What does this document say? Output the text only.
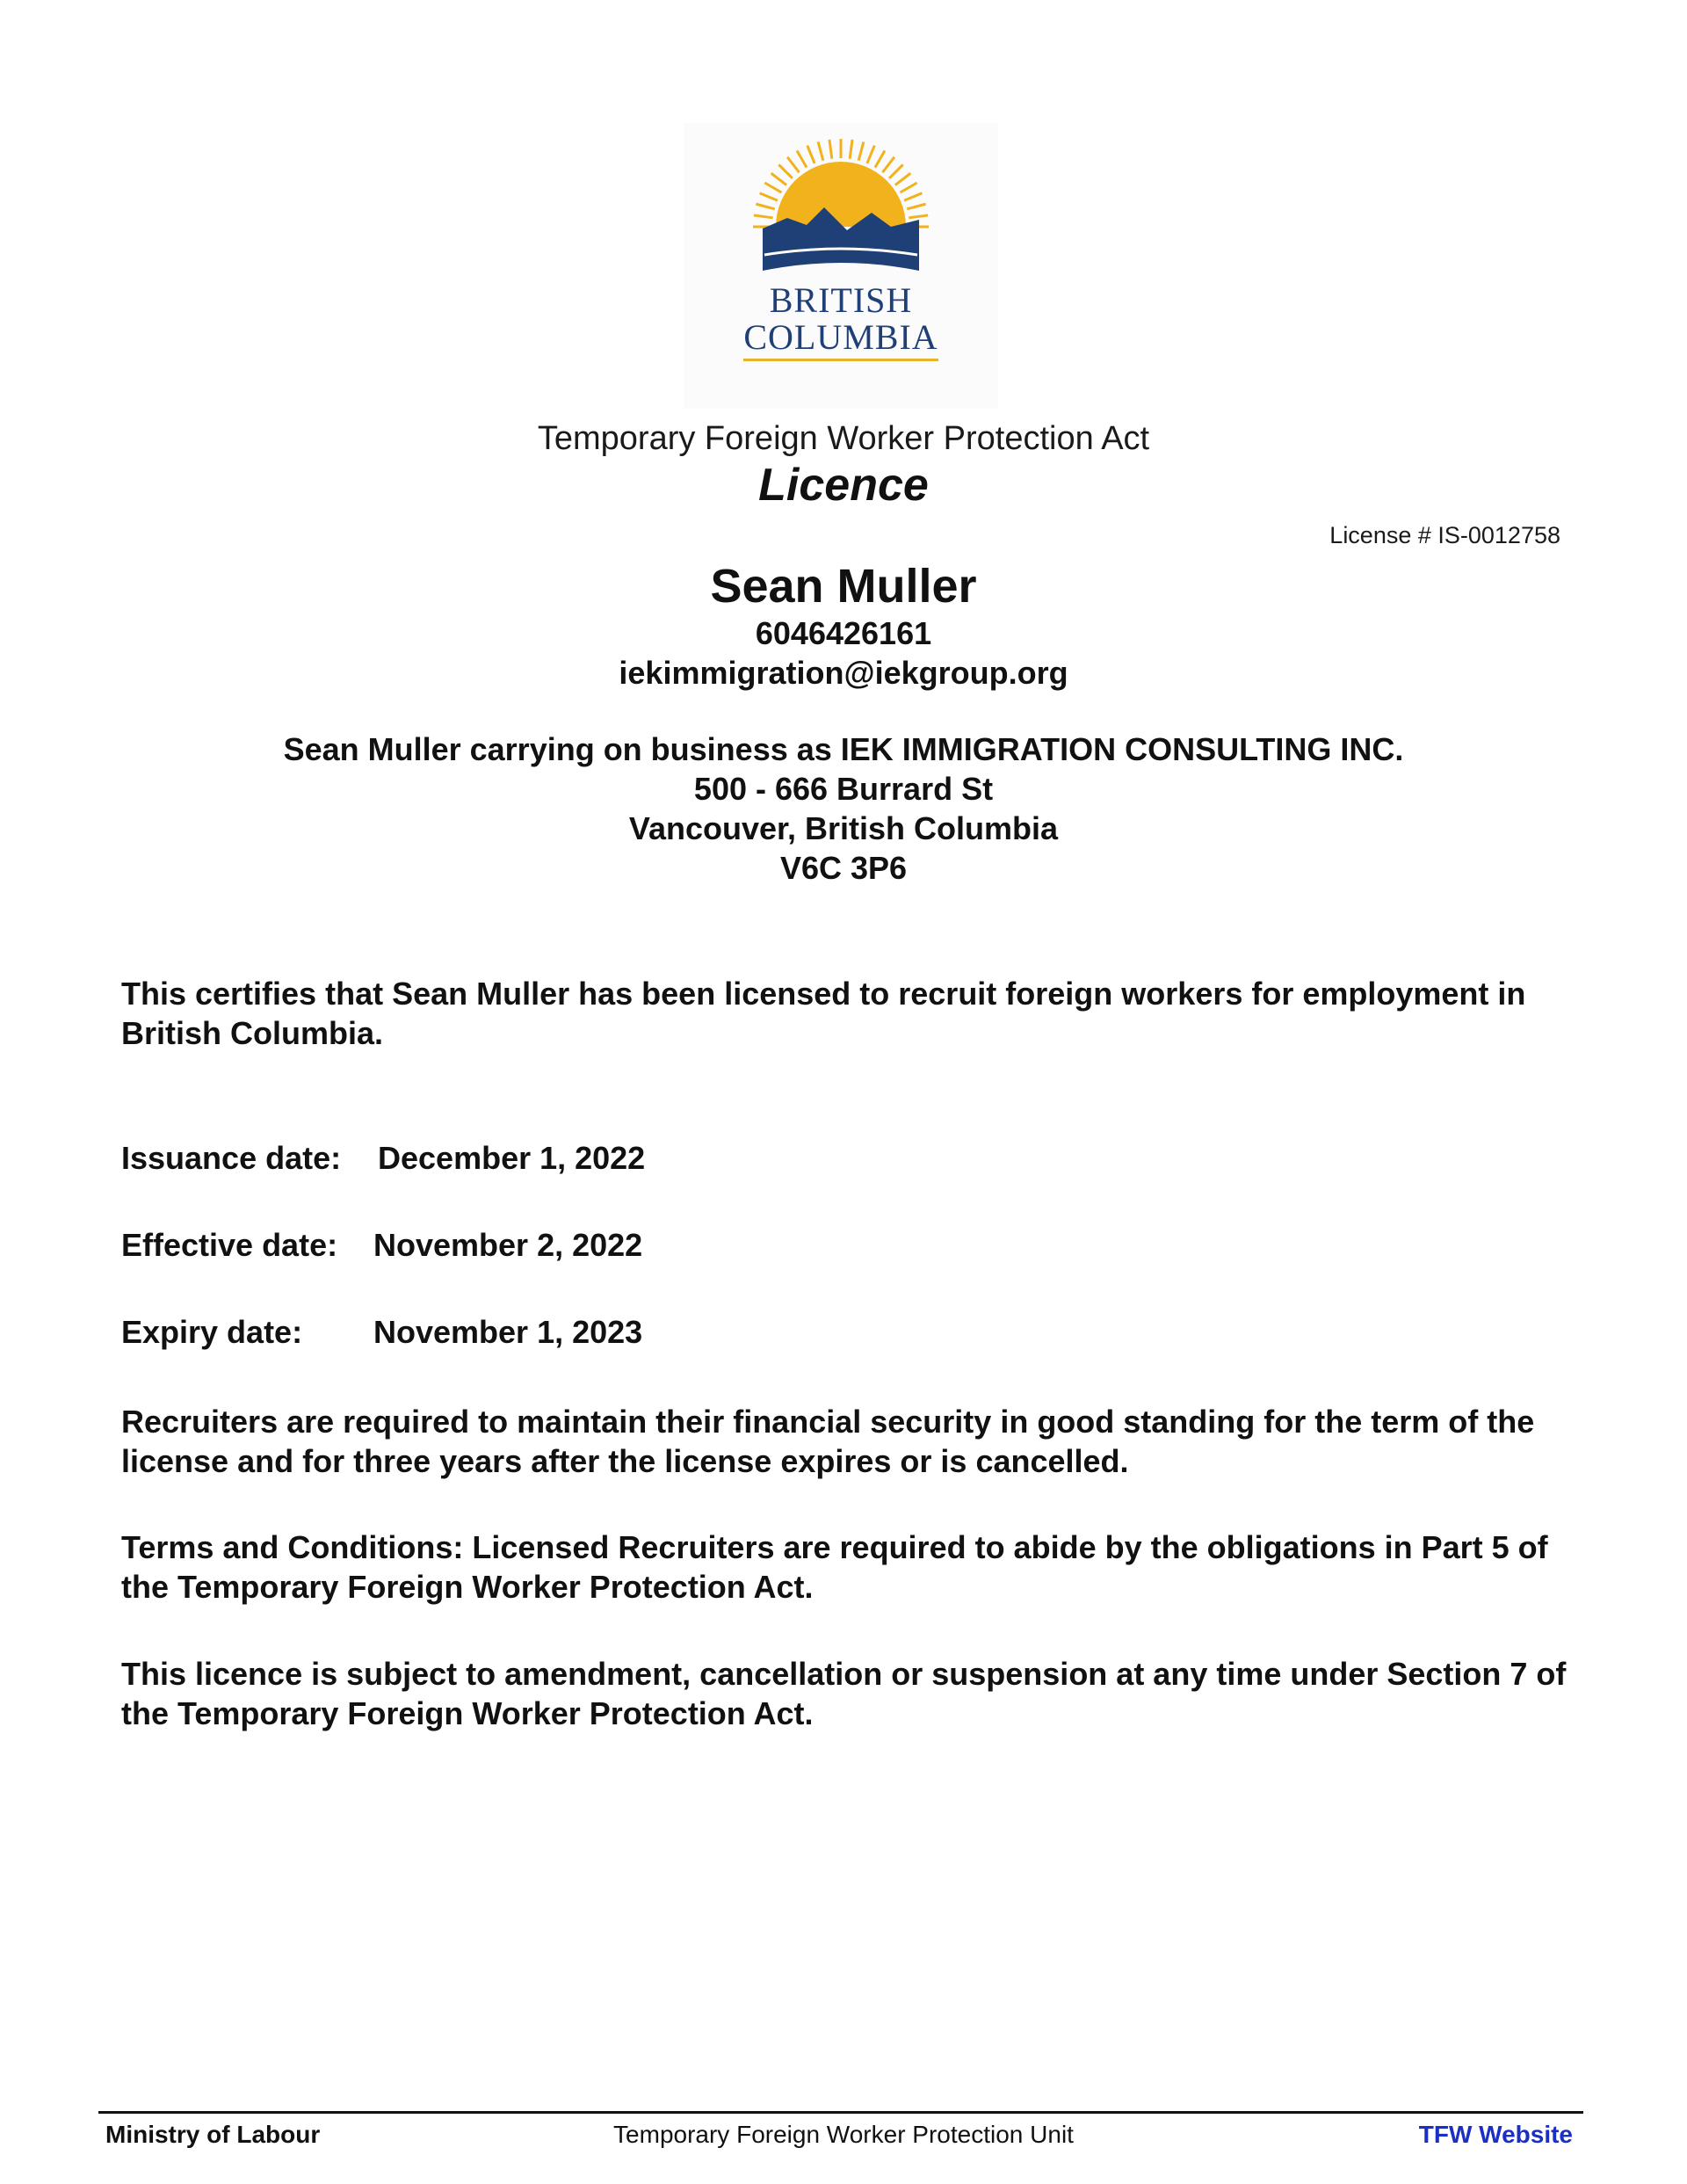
BRITISH
COLUMBIA
Temporary Foreign Worker Protection Act
Licence
License # IS-0012758
Sean Muller
6046426161
iekimmigration@iekgroup.org
Sean Muller carrying on business as IEK IMMIGRATION CONSULTING INC.
500 - 666 Burrard St
Vancouver, British Columbia
V6C 3P6
This certifies that Sean Muller has been licensed to recruit foreign workers for employment in British Columbia.
Issuance date: December 1, 2022
Effective date: November 2, 2022
Expiry date: November 1, 2023
Recruiters are required to maintain their financial security in good standing for the term of the license and for three years after the license expires or is cancelled.
Terms and Conditions: Licensed Recruiters are required to abide by the obligations in Part 5 of the Temporary Foreign Worker Protection Act.
This licence is subject to amendment, cancellation or suspension at any time under Section 7 of the Temporary Foreign Worker Protection Act.
Ministry of Labour	Temporary Foreign Worker Protection Unit	TFW Website
